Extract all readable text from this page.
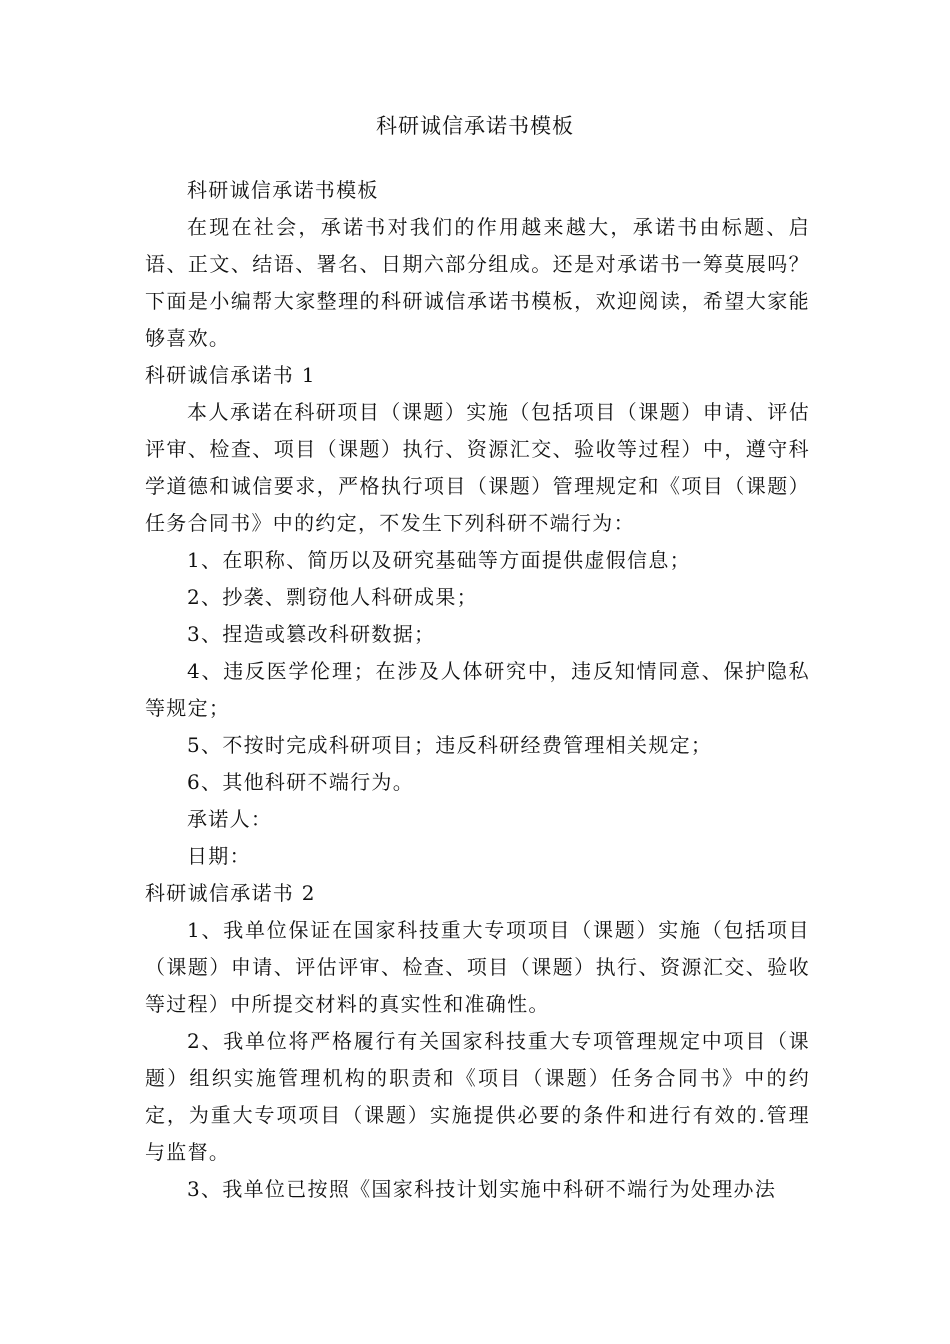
科研诚信承诺书模板

科研诚信承诺书模板

在现在社会，承诺书对我们的作用越来越大，承诺书由标题、启语、正文、结语、署名、日期六部分组成。还是对承诺书一筹莫展吗？下面是小编帮大家整理的科研诚信承诺书模板，欢迎阅读，希望大家能够喜欢。

科研诚信承诺书 1

本人承诺在科研项目（课题）实施（包括项目（课题）申请、评估评审、检查、项目（课题）执行、资源汇交、验收等过程）中，遵守科学道德和诚信要求，严格执行项目（课题）管理规定和《项目（课题）任务合同书》中的约定，不发生下列科研不端行为：

1、在职称、简历以及研究基础等方面提供虚假信息；

2、抄袭、剽窃他人科研成果；

3、捏造或篡改科研数据；

4、违反医学伦理；在涉及人体研究中，违反知情同意、保护隐私等规定；

5、不按时完成科研项目；违反科研经费管理相关规定；

6、其他科研不端行为。

承诺人：

日期：

科研诚信承诺书 2

1、我单位保证在国家科技重大专项项目（课题）实施（包括项目（课题）申请、评估评审、检查、项目（课题）执行、资源汇交、验收等过程）中所提交材料的真实性和准确性。

2、我单位将严格履行有关国家科技重大专项管理规定中项目（课题）组织实施管理机构的职责和《项目（课题）任务合同书》中的约定，为重大专项项目（课题）实施提供必要的条件和进行有效的.管理与监督。

3、我单位已按照《国家科技计划实施中科研不端行为处理办法
